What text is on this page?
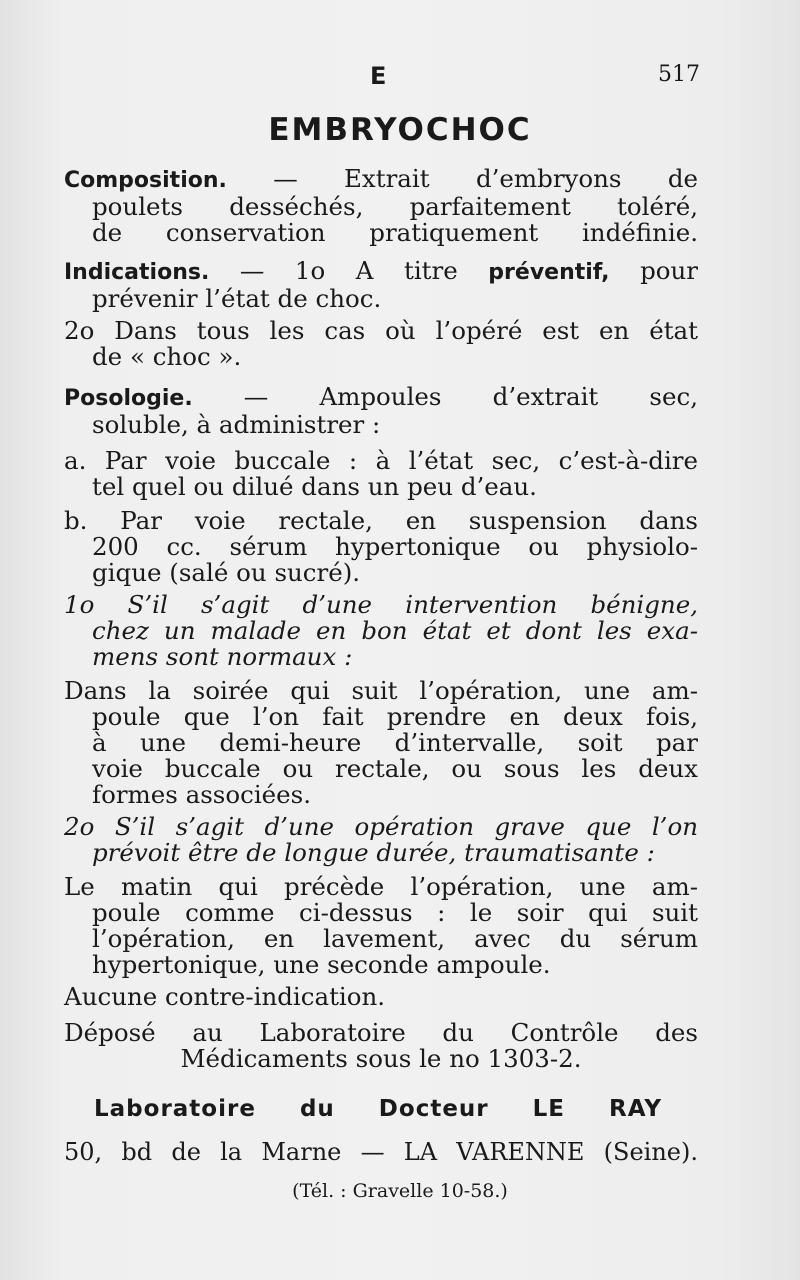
E	517
EMBRYOCHOC
Composition. — Extrait d’embryons de
poulets desséchés, parfaitement toléré,
de conservation pratiquement indéfinie.
Indications. — 1o A titre préventif, pour
prévenir l’état de choc.
2o Dans tous les cas où l’opéré est en état
de « choc ».
Posologie. — Ampoules d’extrait sec,
soluble, à administrer :
a. Par voie buccale : à l’état sec, c’est-à-dire
tel quel ou dilué dans un peu d’eau.
b. Par voie rectale, en suspension dans
200 cc. sérum hypertonique ou physiolo-
gique (salé ou sucré).
1o S’il s’agit d’une intervention bénigne,
chez un malade en bon état et dont les exa-
mens sont normaux :
Dans la soirée qui suit l’opération, une am-
poule que l’on fait prendre en deux fois,
à une demi-heure d’intervalle, soit par
voie buccale ou rectale, ou sous les deux
formes associées.
2o S’il s’agit d’une opération grave que l’on
prévoit être de longue durée, traumatisante :
Le matin qui précède l’opération, une am-
poule comme ci-dessus : le soir qui suit
l’opération, en lavement, avec du sérum
hypertonique, une seconde ampoule.
Aucune contre-indication.
Déposé au Laboratoire du Contrôle des
Médicaments sous le no 1303-2.
Laboratoire du Docteur LE RAY
50, bd de la Marne — LA VARENNE (Seine).
(Tél. : Gravelle 10-58.)
